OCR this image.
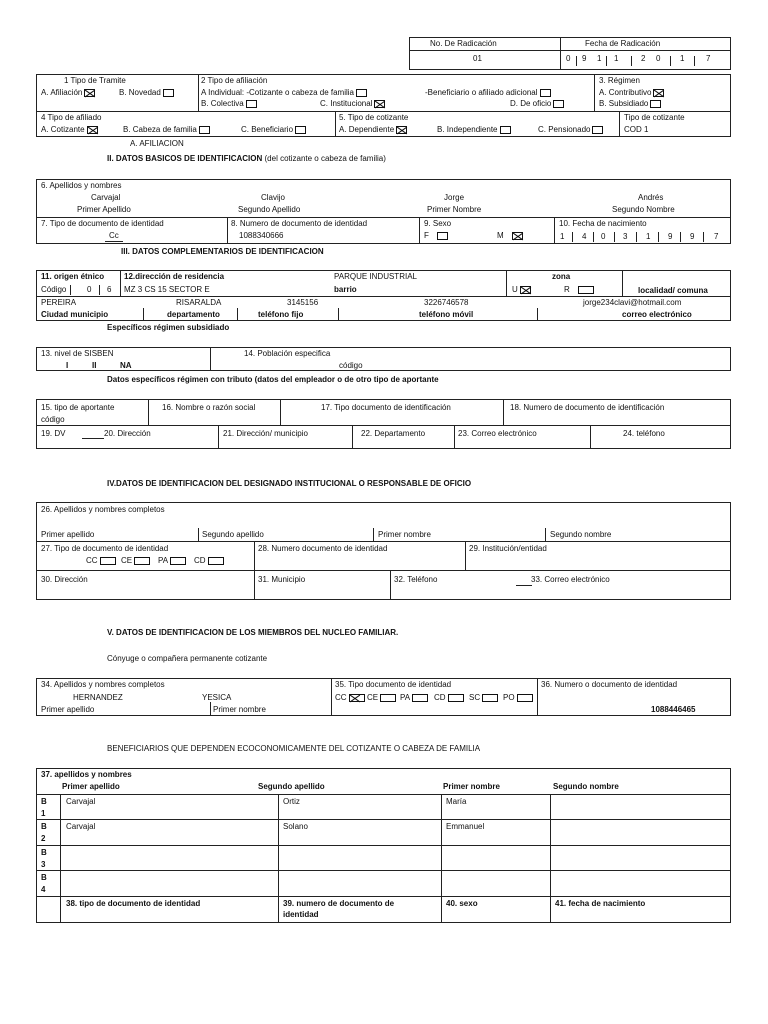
No. De Radicación
01
Fecha de Radicación
0 9 1 1	2 0 1	7
1 Tipo de Tramite
A. Afiliación	B. Novedad
2 Tipo de afiliación
A Individual: -Cotizante o cabeza de familia	-Beneficiario o afiliado adicional
B. Colectiva	C. Institucional	D. De oficio
3. Régimen
A. Contributivo
B. Subsidiado
4 Tipo de afiliado
A. Cotizante	B. Cabeza de familia	C. Beneficiario
5. Tipo de cotizante
A. Dependiente	B. Independiente	C. Pensionado
Tipo de cotizante
COD 1
A. AFILIACION
II. DATOS BASICOS DE IDENTIFICACION (del cotizante o cabeza de familia)
6. Apellidos y nombres
Carvajal	Clavijo	Jorge	Andrés
Primer Apellido	Segundo Apellido	Primer Nombre	Segundo Nombre
7. Tipo de documento de identidad
Cc
8. Numero de documento de identidad
1088340666
9. Sexo
F	M
10. Fecha de nacimiento
1 4 0 3 1 9 9 7
III. DATOS COMPLEMENTARIOS DE IDENTIFICACION
11. origen étnico
Código	0 6
12.dirección de residencia
MZ 3 CS 15 SECTOR E
PARQUE INDUSTRIAL
barrio
zona
U	R	localidad/ comuna
PEREIRA
Ciudad municipio
RISARALDA
departamento
3145156
teléfono fijo
3226746578
teléfono móvil
jorge234clavi@hotmail.com
correo electrónico
Específicos régimen subsidiado
13. nivel de SISBEN
I	II	NA
14. Población especifica
código
Datos específicos régimen con tributo (datos del empleador o de otro tipo de aportante
15. tipo de aportante
código
16. Nombre o razón social	17. Tipo documento de identificación	18. Numero de documento de identificación
19. DV	20. Dirección	21. Dirección/ municipio	22. Departamento	23. Correo electrónico	24. teléfono
IV.DATOS DE IDENTIFICACION DEL DESIGNADO INSTITUCIONAL O RESPONSABLE DE OFICIO
26. Apellidos y nombres completos
Primer apellido	Segundo apellido	Primer nombre	Segundo nombre
27. Tipo de documento de identidad
CC	CE	PA	CD
28. Numero documento de identidad	29. Institución/entidad
30. Dirección	31. Municipio	32. Teléfono	33. Correo electrónico
V. DATOS DE IDENTIFICACION DE LOS MIEMBROS DEL NUCLEO FAMILIAR.
Cónyuge o compañera permanente cotizante
34. Apellidos y nombres completos
HERNANDEZ	YESICA
Primer apellido	Primer nombre
35. Tipo documento de identidad
CC	CE	PA	CD	SC	PO
36. Numero o documento de identidad
1088446465
BENEFICIARIOS QUE DEPENDEN ECOCONOMICAMENTE DEL COTIZANTE O CABEZA DE FAMILIA
37. apellidos y nombres
Primer apellido	Segundo apellido	Primer nombre	Segundo nombre
B
1
Carvajal	Ortiz	María
B
2
Carvajal	Solano	Emmanuel
B
3
B
4
38. tipo de documento de identidad	39. numero de documento de
identidad
40. sexo	41. fecha de nacimiento
